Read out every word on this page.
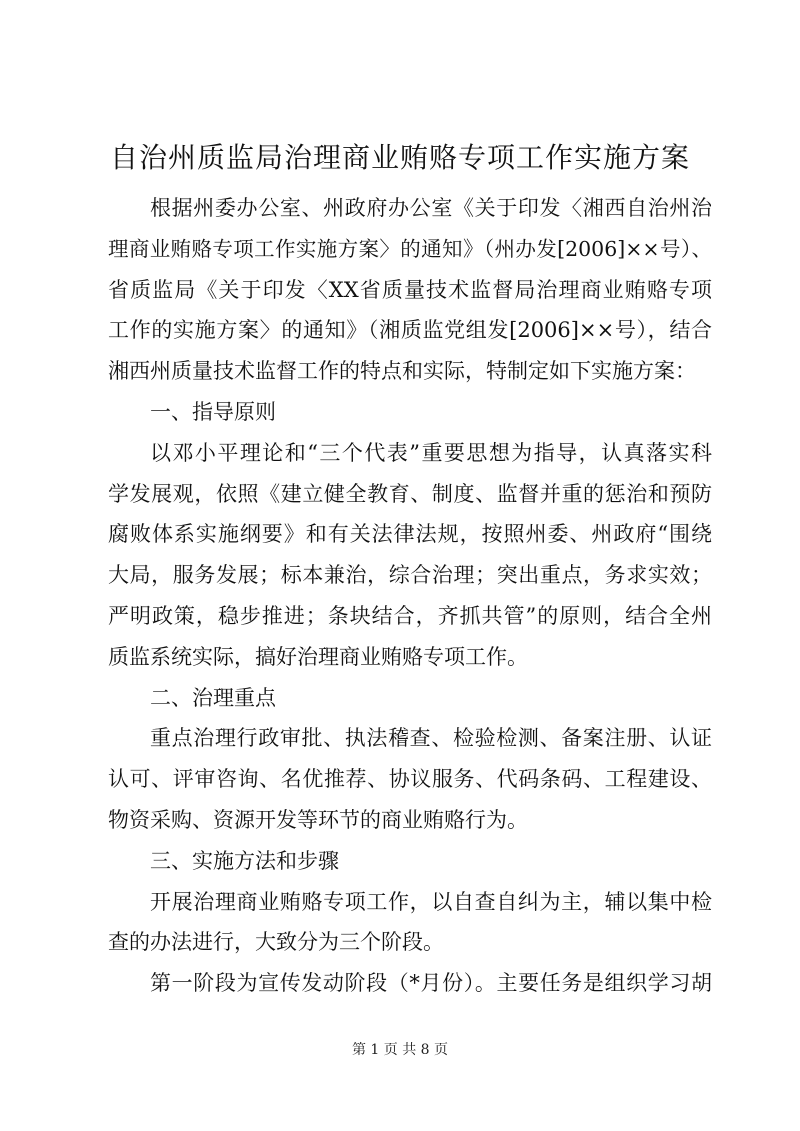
自治州质监局治理商业贿赂专项工作实施方案
根据州委办公室、州政府办公室《关于印发〈湘西自治州治
理商业贿赂专项工作实施方案〉的通知》（州办发[2006]××号）、
省质监局《关于印发〈XX省质量技术监督局治理商业贿赂专项
工作的实施方案〉的通知》（湘质监党组发[2006]××号），结合
湘西州质量技术监督工作的特点和实际，特制定如下实施方案：
一、指导原则
以邓小平理论和“三个代表”重要思想为指导，认真落实科
学发展观，依照《建立健全教育、制度、监督并重的惩治和预防
腐败体系实施纲要》和有关法律法规，按照州委、州政府“围绕
大局，服务发展；标本兼治，综合治理；突出重点，务求实效；
严明政策，稳步推进；条块结合，齐抓共管”的原则，结合全州
质监系统实际，搞好治理商业贿赂专项工作。
二、治理重点
重点治理行政审批、执法稽查、检验检测、备案注册、认证
认可、评审咨询、名优推荐、协议服务、代码条码、工程建设、
物资采购、资源开发等环节的商业贿赂行为。
三、实施方法和步骤
开展治理商业贿赂专项工作，以自查自纠为主，辅以集中检
查的办法进行，大致分为三个阶段。
第一阶段为宣传发动阶段（*月份）。主要任务是组织学习胡
第 1 页 共 8 页
